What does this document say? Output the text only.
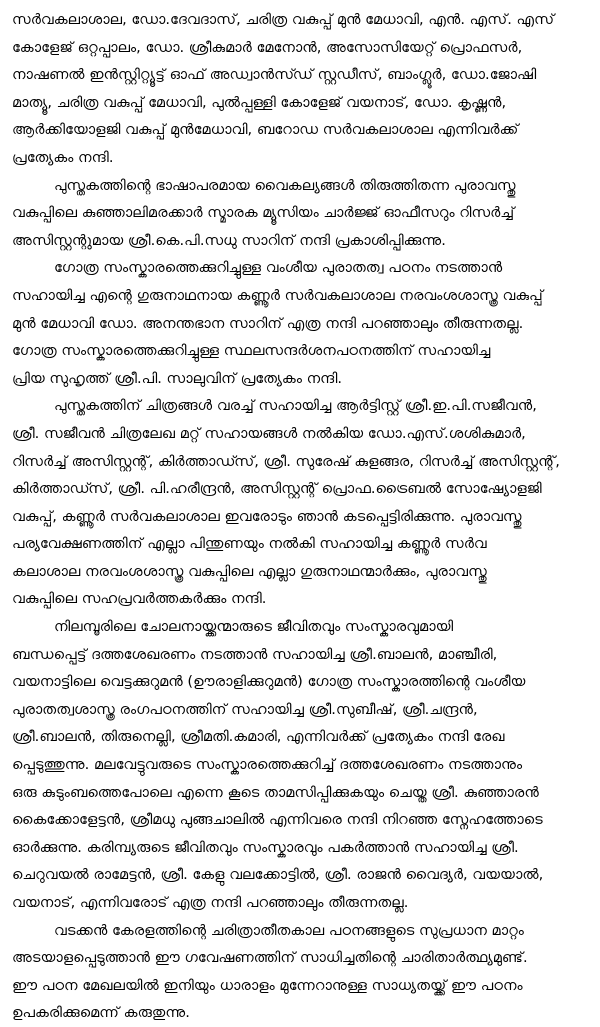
സർവകലാശാല, ഡോ.ദേവദാസ്, ചരിത്ര വകുപ്പ് മുൻ മേധാവി, എൻ. എസ്. എസ്
കോളേജ് ഒറ്റപ്പാലം, ഡോ. ശ്രീകുമാർ മേനോൻ, അസോസിയേറ്റ് പ്രൊഫസർ,
നാഷണൽ ഇൻസ്റ്റിറ്റ്യൂട്ട് ഓഫ് അഡ്വാൻസ്ഡ് സ്റ്റഡീസ്, ബാംഗ്ലൂർ, ഡോ.ജോഷി
മാത്യൂ, ചരിത്ര വകുപ്പ് മേധാവി, പുൽപ്പള്ളി കോളേജ് വയനാട്, ഡോ. കൃഷ്ണൻ,
ആർക്കിയോളജി വകുപ്പ് മുൻമേധാവി, ബറോഡ സർവകലാശാല എന്നിവർക്ക്
പ്രത്യേകം നന്ദി.

പുസ്തകത്തിന്റെ ഭാഷാപരമായ വൈകല്യങ്ങൾ തിരുത്തിതന്ന പുരാവസ്തു
വകുപ്പിലെ കുഞ്ഞാലിമരക്കാർ സ്മാരക മ്യൂസിയം ചാർജ്ജ് ഓഫീസറും റിസർച്ച്
അസിസ്റ്റന്റുമായ ശ്രീ.കെ.പി.സധു സാറിന് നന്ദി പ്രകാശിപ്പിക്കുന്നു.

ഗോത്ര സംസ്കാരത്തെക്കുറിച്ചുള്ള വംശീയ പുരാതത്വ പഠനം നടത്താൻ
സഹായിച്ച എന്റെ ഗുരുനാഥനായ കണ്ണൂർ സർവകലാശാല നരവംശശാസ്ത്ര വകുപ്പ്
മുൻ മേധാവി ഡോ. അനന്തഭാന സാറിന് എത്ര നന്ദി പറഞ്ഞാലും തീരുന്നതല്ല.
ഗോത്ര സംസ്കാരത്തെക്കുറിച്ചുള്ള സ്ഥലസന്ദർശനപഠനത്തിന് സഹായിച്ച
പ്രിയ സുഹൃത്ത് ശ്രീ.പി. സാലുവിന് പ്രത്യേകം നന്ദി.

പുസ്തകത്തിന് ചിത്രങ്ങൾ വരച്ച് സഹായിച്ച ആർട്ടിസ്റ്റ് ശ്രീ.ഇ.പി.സജീവൻ,
ശ്രീ. സജീവൻ ചിത്രലേഖ മറ്റ് സഹായങ്ങൾ നൽകിയ ഡോ.എസ്.ശശികുമാർ,
റിസർച്ച് അസിസ്റ്റന്റ്, കിർത്താഡ്സ്, ശ്രീ. സുരേഷ് കുളങ്ങര, റിസർച്ച് അസിസ്റ്റന്റ്,
കിർത്താഡ്സ്, ശ്രീ. പി.ഹരീന്ദ്രൻ, അസിസ്റ്റന്റ് പ്രൊഫ.ട്രൈബൽ സോഷ്യോളജി
വകുപ്പ്, കണ്ണൂർ സർവകലാശാല ഇവരോടും ഞാൻ കടപ്പെട്ടിരിക്കുന്നു. പുരാവസ്തു
പര്യവേക്ഷണത്തിന് എല്ലാ പിന്തുണയും നൽകി സഹായിച്ച കണ്ണൂർ സർവ
കലാശാല നരവംശശാസ്ത്ര വകുപ്പിലെ എല്ലാ ഗുരുനാഥന്മാർക്കും, പുരാവസ്തു
വകുപ്പിലെ സഹപ്രവർത്തകർക്കും നന്ദി.

നിലമ്പൂരിലെ ചോലനായ്ക്കന്മാരുടെ ജീവിതവും സംസ്കാരവുമായി
ബന്ധപ്പെട്ട് ദത്തശേഖരണം നടത്താൻ സഹായിച്ച ശ്രീ.ബാലൻ, മാഞ്ചീരി,
വയനാട്ടിലെ വെട്ടക്കുറുമൻ (ഊരാളിക്കുറുമൻ) ഗോത്ര സംസ്കാരത്തിന്റെ വംശീയ
പുരാതത്വശാസ്ത്ര രംഗപഠനത്തിന് സഹായിച്ച ശ്രീ.സുബീഷ്, ശ്രീ.ചന്ദ്രൻ,
ശ്രീ.ബാലൻ, തിരുനെല്ലി, ശ്രീമതി.കമാരി, എന്നിവർക്ക് പ്രത്യേകം നന്ദി രേഖ
പ്പെടുത്തുന്നു. മലവേട്ടുവരുടെ സംസ്കാരത്തെക്കുറിച്ച് ദത്തശേഖരണം നടത്താനും
ഒരു കുടുംബത്തെപോലെ എന്നെ കൂടെ താമസിപ്പിക്കുകയും ചെയ്ത ശ്രീ. കുഞ്ഞാരൻ
കൈക്കോളേട്ടൻ, ശ്രീമധു പുങ്ങചാലിൽ എന്നിവരെ നന്ദി നിറഞ്ഞ സ്നേഹത്തോടെ
ഓർക്കുന്നു. കരിമ്പ്യരുടെ ജീവിതവും സംസ്കാരവും പകർത്താൻ സഹായിച്ച ശ്രീ.
ചെറുവയൽ രാമേട്ടൻ, ശ്രീ. കേളു വലക്കോട്ടിൽ, ശ്രീ. രാജൻ വൈദ്യർ, വയയാൽ,
വയനാട്, എന്നിവരോട് എത്ര നന്ദി പറഞ്ഞാലും തീരുന്നതല്ല.

വടക്കൻ കേരളത്തിന്റെ ചരിത്രാതീതകാല പഠനങ്ങളുടെ സുപ്രധാന മാറ്റം
അടയാളപ്പെടുത്താൻ ഈ ഗവേഷണത്തിന് സാധിച്ചതിന്റെ ചാരിതാർത്ഥ്യമുണ്ട്.
ഈ പഠന മേഖലയിൽ ഇനിയും ധാരാളം മുന്നേറാനുള്ള സാധ്യതയ്ക്ക് ഈ പഠനം
ഉപകരിക്കുമെന്ന് കരുതുന്നു.
